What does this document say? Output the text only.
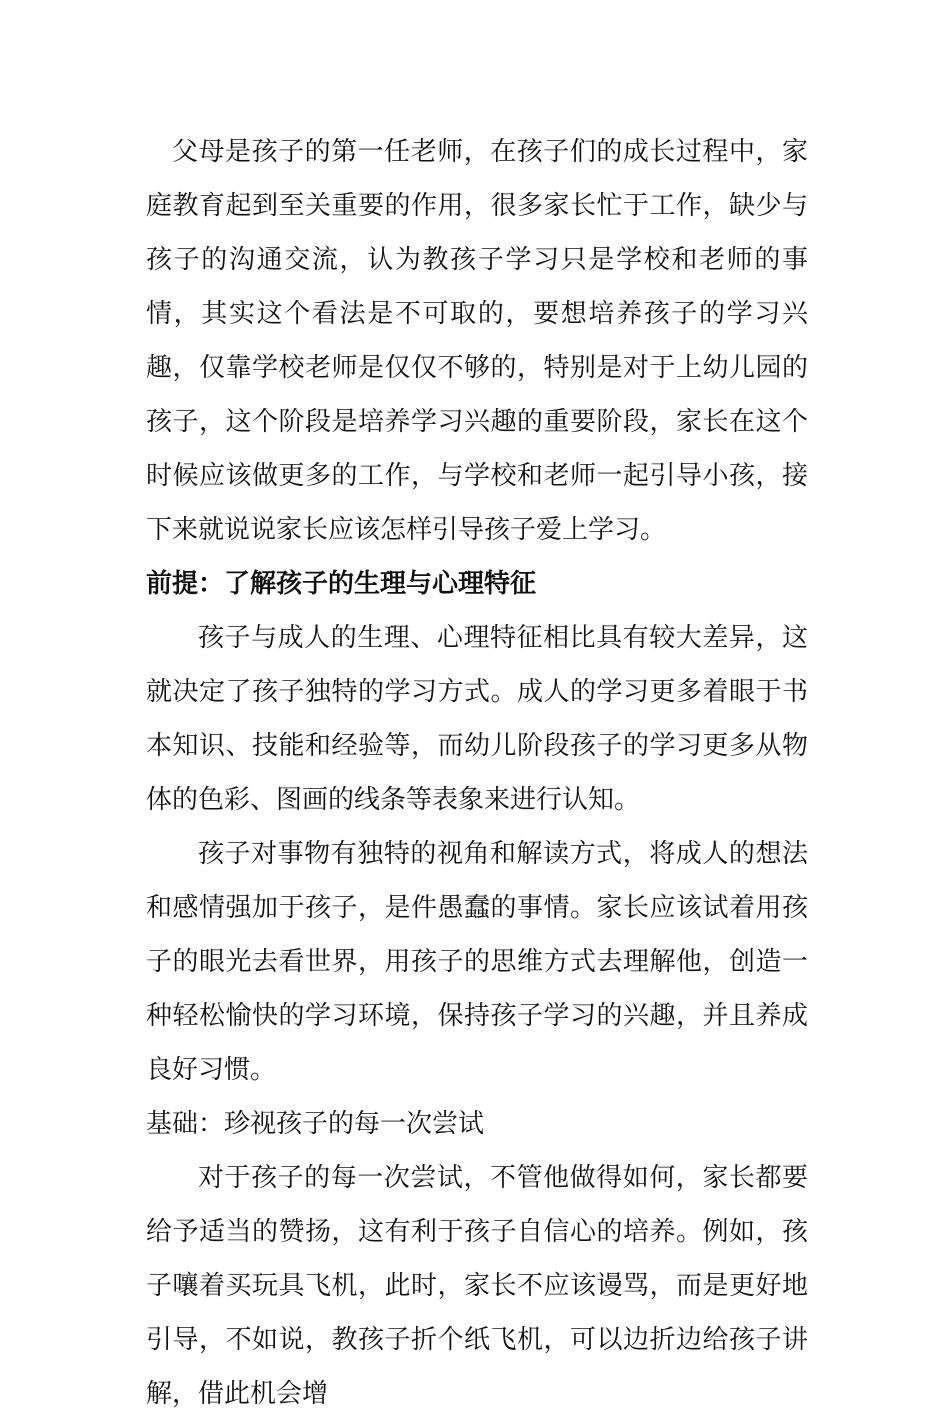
父母是孩子的第一任老师，在孩子们的成长过程中，家庭教育起到至关重要的作用，很多家长忙于工作，缺少与孩子的沟通交流，认为教孩子学习只是学校和老师的事情，其实这个看法是不可取的，要想培养孩子的学习兴趣，仅靠学校老师是仅仅不够的，特别是对于上幼儿园的孩子，这个阶段是培养学习兴趣的重要阶段，家长在这个时候应该做更多的工作，与学校和老师一起引导小孩，接下来就说说家长应该怎样引导孩子爱上学习。

前提：了解孩子的生理与心理特征

孩子与成人的生理、心理特征相比具有较大差异，这就决定了孩子独特的学习方式。成人的学习更多着眼于书本知识、技能和经验等，而幼儿阶段孩子的学习更多从物体的色彩、图画的线条等表象来进行认知。

孩子对事物有独特的视角和解读方式，将成人的想法和感情强加于孩子，是件愚蠢的事情。家长应该试着用孩子的眼光去看世界，用孩子的思维方式去理解他，创造一种轻松愉快的学习环境，保持孩子学习的兴趣，并且养成良好习惯。

基础：珍视孩子的每一次尝试

对于孩子的每一次尝试，不管他做得如何，家长都要给予适当的赞扬，这有利于孩子自信心的培养。例如，孩子嚷着买玩具飞机，此时，家长不应该谩骂，而是更好地引导，不如说，教孩子折个纸飞机，可以边折边给孩子讲解，借此机会增
